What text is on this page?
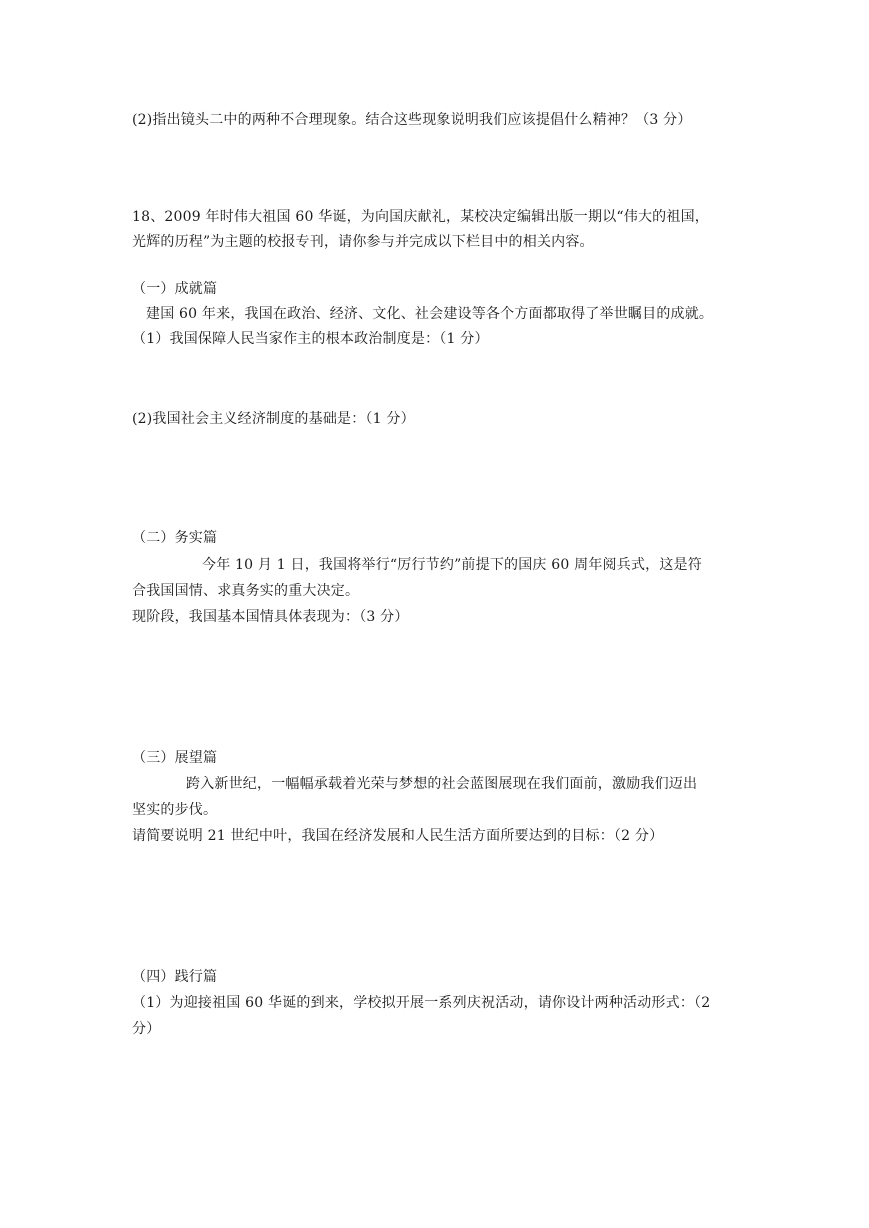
(2)指出镜头二中的两种不合理现象。结合这些现象说明我们应该提倡什么精神？（3 分）
18、2009 年时伟大祖国 60 华诞，为向国庆献礼，某校决定编辑出版一期以“伟大的祖国，
光辉的历程”为主题的校报专刊，请你参与并完成以下栏目中的相关内容。
（一）成就篇
建国 60 年来，我国在政治、经济、文化、社会建设等各个方面都取得了举世瞩目的成就。
（1）我国保障人民当家作主的根本政治制度是：（1 分）
(2)我国社会主义经济制度的基础是：（1 分）
（二）务实篇
今年 10 月 1 日，我国将举行“厉行节约”前提下的国庆 60 周年阅兵式，这是符
合我国国情、求真务实的重大决定。
现阶段，我国基本国情具体表现为：（3 分）
（三）展望篇
跨入新世纪，一幅幅承载着光荣与梦想的社会蓝图展现在我们面前，激励我们迈出
坚实的步伐。
请简要说明 21 世纪中叶，我国在经济发展和人民生活方面所要达到的目标：（2 分）
（四）践行篇
（1）为迎接祖国 60 华诞的到来，学校拟开展一系列庆祝活动，请你设计两种活动形式：（2
分）
